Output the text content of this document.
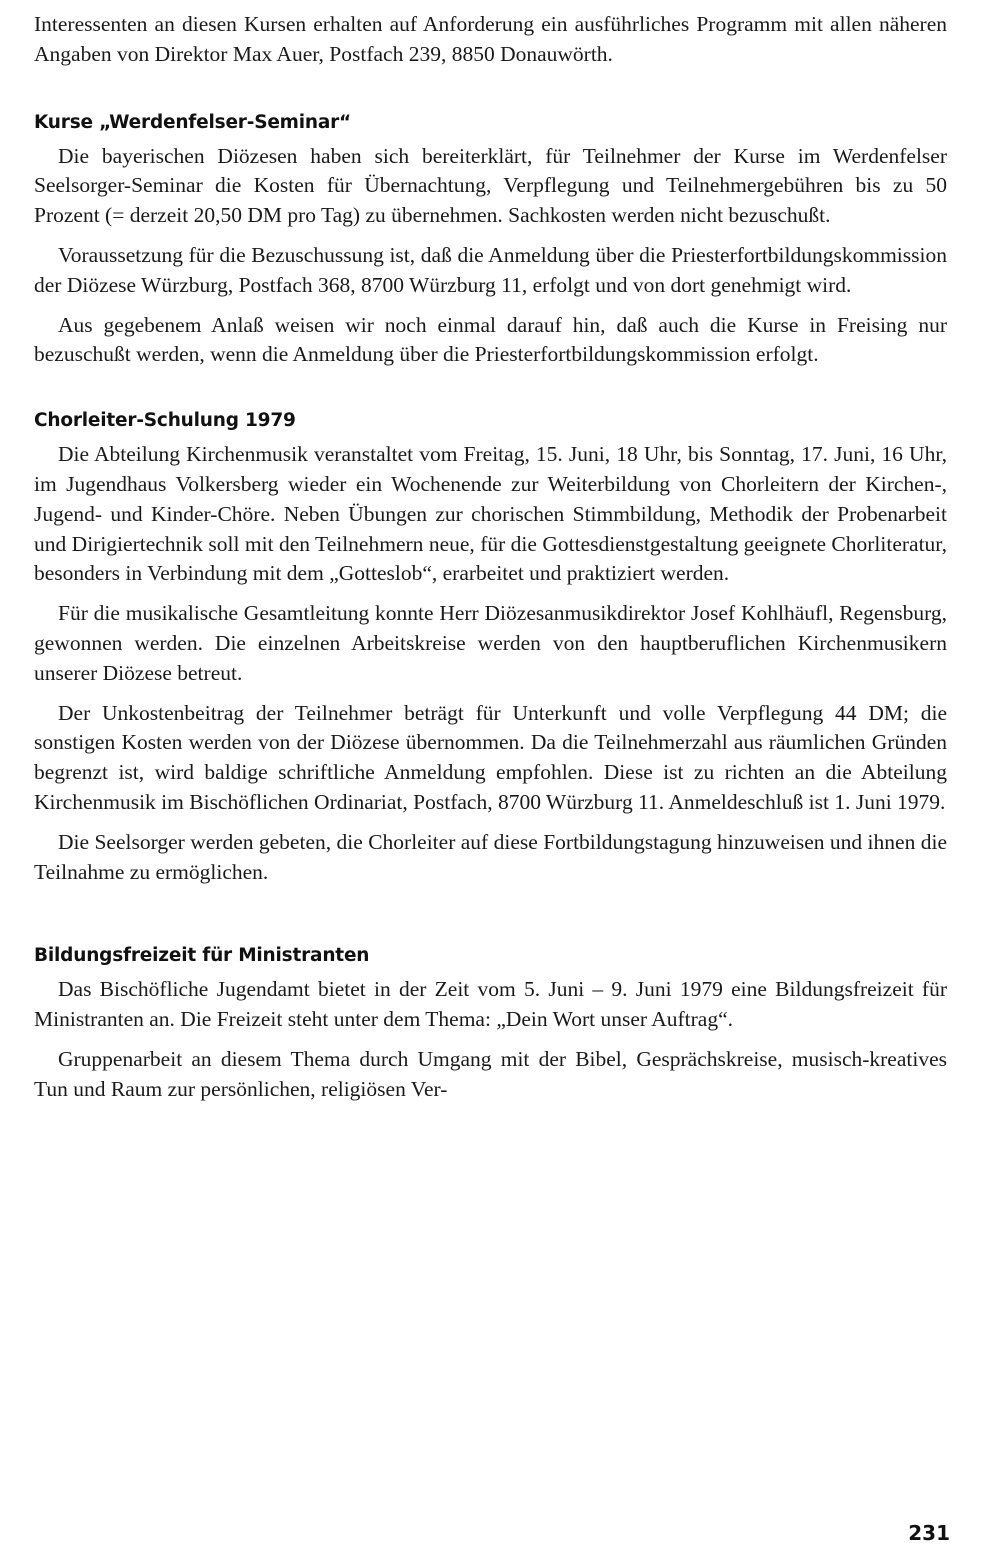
Interessenten an diesen Kursen erhalten auf Anforderung ein ausführliches Programm mit allen näheren Angaben von Direktor Max Auer, Postfach 239, 8850 Donauwörth.

Kurse „Werdenfelser-Seminar“

Die bayerischen Diözesen haben sich bereiterklärt, für Teilnehmer der Kurse im Werdenfelser Seelsorger-Seminar die Kosten für Übernachtung, Verpflegung und Teilnehmergebühren bis zu 50 Prozent (= derzeit 20,50 DM pro Tag) zu übernehmen. Sachkosten werden nicht bezuschußt.

Voraussetzung für die Bezuschussung ist, daß die Anmeldung über die Priesterfortbildungskommission der Diözese Würzburg, Postfach 368, 8700 Würzburg 11, erfolgt und von dort genehmigt wird.

Aus gegebenem Anlaß weisen wir noch einmal darauf hin, daß auch die Kurse in Freising nur bezuschußt werden, wenn die Anmeldung über die Priesterfortbildungskommission erfolgt.

Chorleiter-Schulung 1979

Die Abteilung Kirchenmusik veranstaltet vom Freitag, 15. Juni, 18 Uhr, bis Sonntag, 17. Juni, 16 Uhr, im Jugendhaus Volkersberg wieder ein Wochenende zur Weiterbildung von Chorleitern der Kirchen-, Jugend- und Kinder-Chöre. Neben Übungen zur chorischen Stimmbildung, Methodik der Probenarbeit und Dirigiertechnik soll mit den Teilnehmern neue, für die Gottesdienstgestaltung geeignete Chorliteratur, besonders in Verbindung mit dem „Gotteslob“, erarbeitet und praktiziert werden.

Für die musikalische Gesamtleitung konnte Herr Diözesanmusikdirektor Josef Kohlhäufl, Regensburg, gewonnen werden. Die einzelnen Arbeitskreise werden von den hauptberuflichen Kirchenmusikern unserer Diözese betreut.

Der Unkostenbeitrag der Teilnehmer beträgt für Unterkunft und volle Verpflegung 44 DM; die sonstigen Kosten werden von der Diözese übernommen. Da die Teilnehmerzahl aus räumlichen Gründen begrenzt ist, wird baldige schriftliche Anmeldung empfohlen. Diese ist zu richten an die Abteilung Kirchenmusik im Bischöflichen Ordinariat, Postfach, 8700 Würzburg 11. Anmeldeschluß ist 1. Juni 1979.

Die Seelsorger werden gebeten, die Chorleiter auf diese Fortbildungstagung hinzuweisen und ihnen die Teilnahme zu ermöglichen.

Bildungsfreizeit für Ministranten

Das Bischöfliche Jugendamt bietet in der Zeit vom 5. Juni – 9. Juni 1979 eine Bildungsfreizeit für Ministranten an. Die Freizeit steht unter dem Thema: „Dein Wort unser Auftrag“.

Gruppenarbeit an diesem Thema durch Umgang mit der Bibel, Gesprächskreise, musisch-kreatives Tun und Raum zur persönlichen, religiösen Ver-

231
